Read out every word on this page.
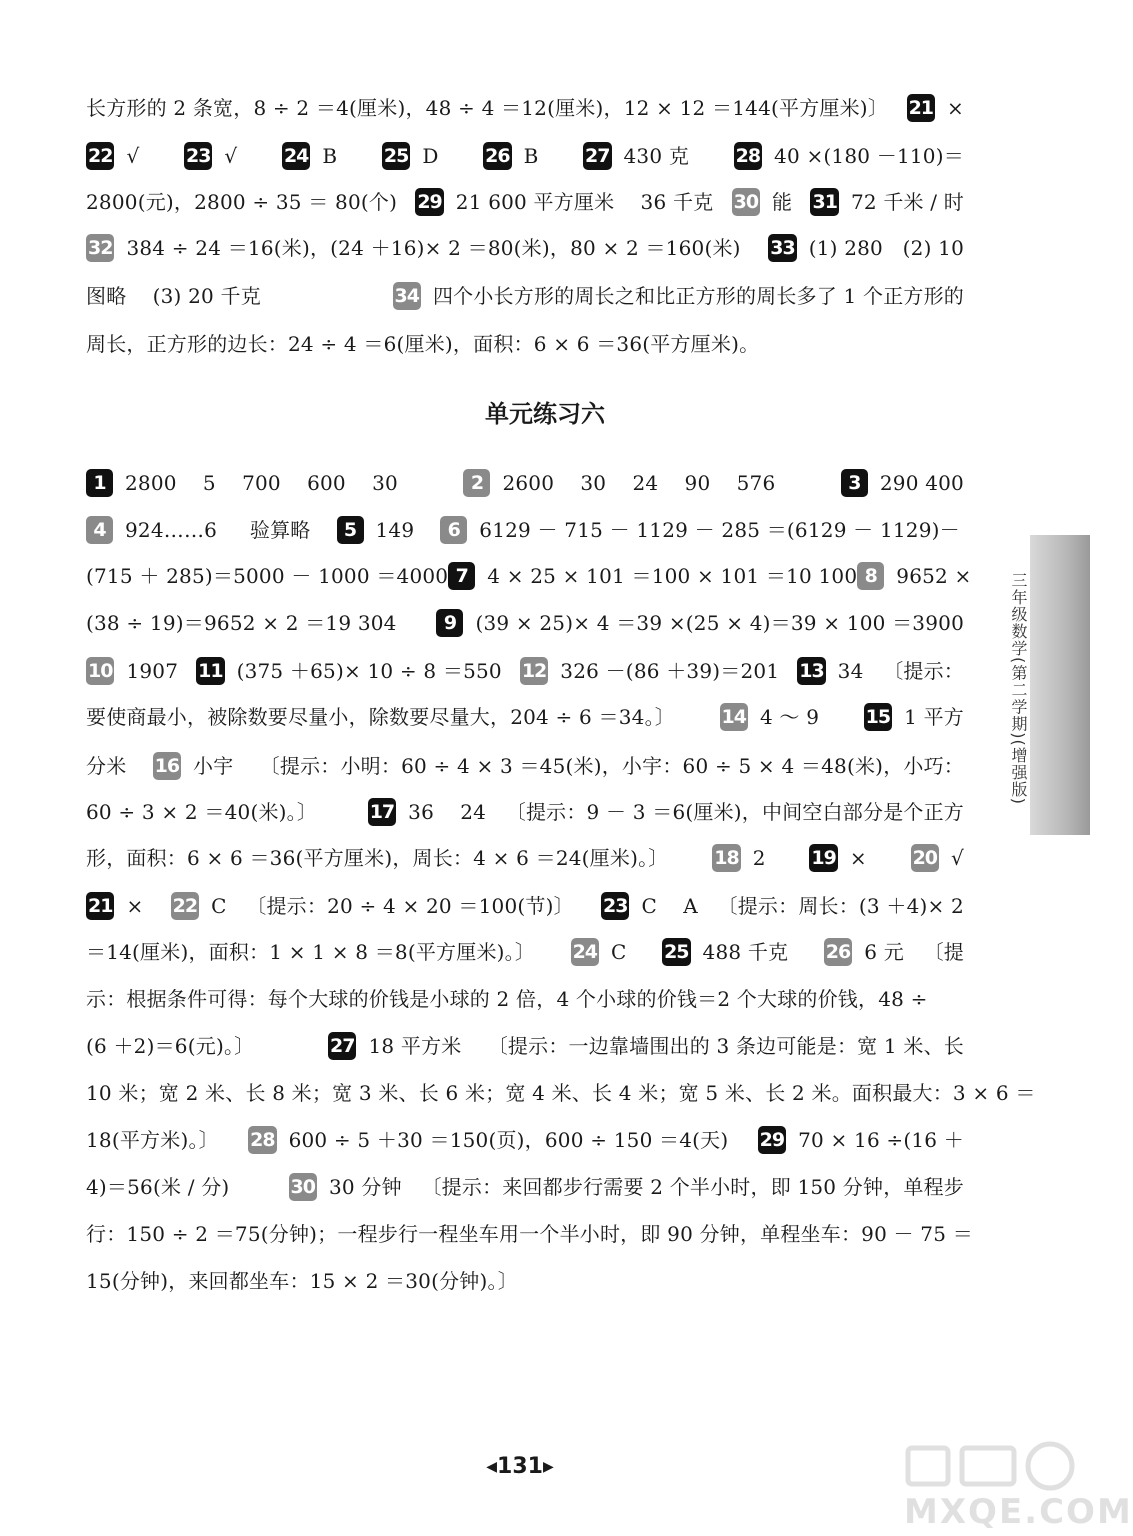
长方形的 2 条宽，8 ÷ 2 ＝4(厘米)，48 ÷ 4 ＝12(厘米)，12 × 12 ＝144(平方厘米)〕 21 ×
22 √ 23 √ 24 B 25 D 26 B 27 430 克 28 40 ×(180 －110)＝
2800(元)，2800 ÷ 35 ＝ 80(个) 29 21 600 平方厘米    36 千克 30 能 31 72 千米 / 时
32 384 ÷ 24 ＝16(米)，(24 ＋16)× 2 ＝80(米)，80 × 2 ＝160(米) 33 (1) 280   (2) 10
图略    (3) 20 千克	34 四个小长方形的周长之和比正方形的周长多了 1 个正方形的
周长，正方形的边长：24 ÷ 4 ＝6(厘米)，面积：6 × 6 ＝36(平方厘米)。
1 2800    5    700    600    30	2 2600    30    24    90    576	3 290 400
4 924……6     验算略	5 149	6 6129 － 715 － 1129 － 285 ＝(6129 － 1129)－
(715 ＋ 285)＝5000 － 1000 ＝4000 7 4 × 25 × 101 ＝100 × 101 ＝10 100 8 9652 ×
(38 ÷ 19)＝9652 × 2 ＝19 304	9 (39 × 25)× 4 ＝39 ×(25 × 4)＝39 × 100 ＝3900
10 1907 11 (375 ＋65)× 10 ÷ 8 ＝550 12 326 －(86 ＋39)＝201 13 34   〔提示：
要使商最小，被除数要尽量小，除数要尽量大，204 ÷ 6 ＝34。〕 14 4 ～ 9 15 1 平方
分米 16 小宇    〔提示：小明：60 ÷ 4 × 3 ＝45(米)，小宇：60 ÷ 5 × 4 ＝48(米)，小巧：
60 ÷ 3 × 2 ＝40(米)。〕	17 36    24   〔提示：9 － 3 ＝6(厘米)，中间空白部分是个正方
形，面积：6 × 6 ＝36(平方厘米)，周长：4 × 6 ＝24(厘米)。〕 18 2 19 × 20 √
21 × 22 C   〔提示：20 ÷ 4 × 20 ＝100(节)〕 23 C    A   〔提示：周长：(3 ＋4)× 2
＝14(厘米)，面积：1 × 1 × 8 ＝8(平方厘米)。〕 24 C 25 488 千克 26 6 元   〔提
示：根据条件可得：每个大球的价钱是小球的 2 倍，4 个小球的价钱＝2 个大球的价钱，48 ÷
(6 ＋2)＝6(元)。〕	27 18 平方米    〔提示：一边靠墙围出的 3 条边可能是：宽 1 米、长
10 米；宽 2 米、长 8 米；宽 3 米、长 6 米；宽 4 米、长 4 米；宽 5 米、长 2 米。面积最大：3 × 6 ＝
18(平方米)。〕 28 600 ÷ 5 ＋30 ＝150(页)，600 ÷ 150 ＝4(天) 29 70 × 16 ÷(16 ＋
4)＝56(米 / 分)	30 30 分钟   〔提示：来回都步行需要 2 个半小时，即 150 分钟，单程步
行：150 ÷ 2 ＝75(分钟)；一程步行一程坐车用一个半小时，即 90 分钟，单程坐车：90 － 75 ＝
15(分钟)，来回都坐车：15 × 2 ＝30(分钟)。〕
单元练习六
三年级数学(第二学期)(增强版)
◀131▶
MXQE.COM
